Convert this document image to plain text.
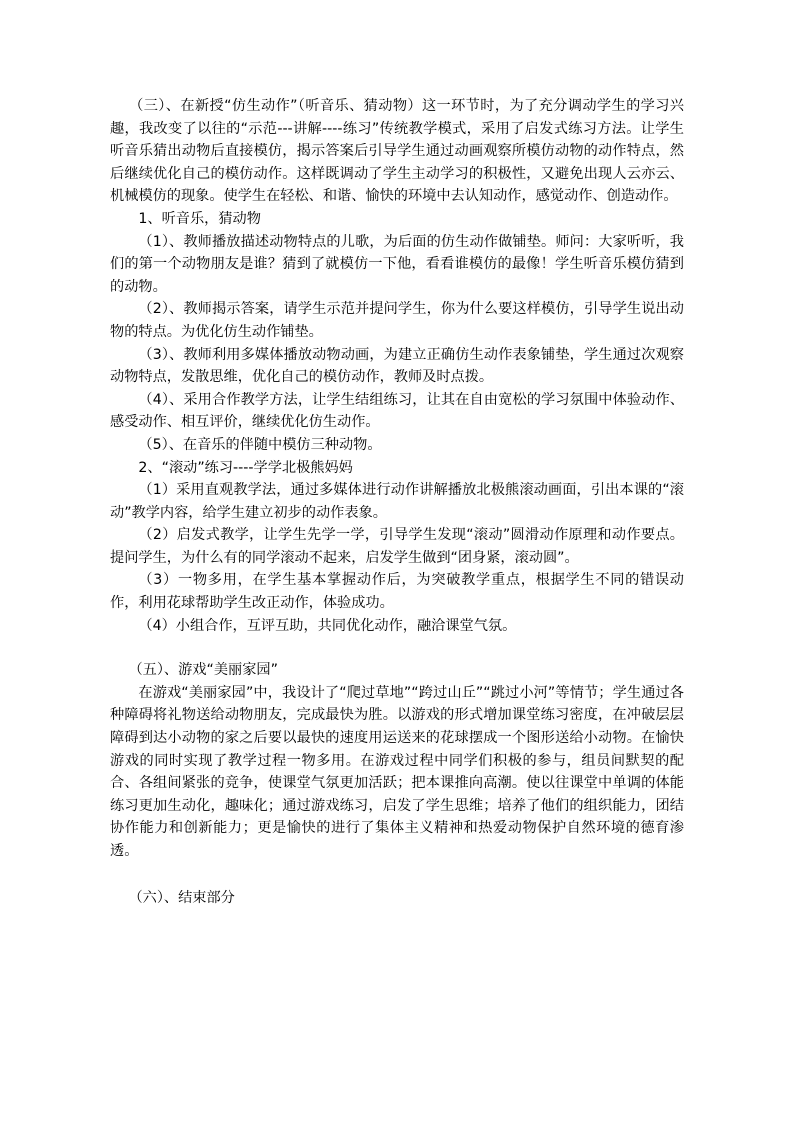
（三）、在新授“仿生动作”（听音乐、猜动物）这一环节时，为了充分调动学生的学习兴趣，我改变了以往的“示范---讲解----练习”传统教学模式，采用了启发式练习方法。让学生听音乐猜出动物后直接模仿，揭示答案后引导学生通过动画观察所模仿动物的动作特点，然后继续优化自己的模仿动作。这样既调动了学生主动学习的积极性，又避免出现人云亦云、机械模仿的现象。使学生在轻松、和谐、愉快的环境中去认知动作，感觉动作、创造动作。

1、听音乐，猜动物

（1）、教师播放描述动物特点的儿歌，为后面的仿生动作做铺垫。师问：大家听听，我们的第一个动物朋友是谁？猜到了就模仿一下他，看看谁模仿的最像！学生听音乐模仿猜到的动物。

（2）、教师揭示答案，请学生示范并提问学生，你为什么要这样模仿，引导学生说出动物的特点。为优化仿生动作铺垫。

（3）、教师利用多媒体播放动物动画，为建立正确仿生动作表象铺垫，学生通过次观察动物特点，发散思维，优化自己的模仿动作，教师及时点拨。

（4）、采用合作教学方法，让学生结组练习，让其在自由宽松的学习氛围中体验动作、感受动作、相互评价，继续优化仿生动作。

（5）、在音乐的伴随中模仿三种动物。

2、“滚动”练习----学学北极熊妈妈

（1）采用直观教学法，通过多媒体进行动作讲解播放北极熊滚动画面，引出本课的“滚动”教学内容，给学生建立初步的动作表象。

（2）启发式教学，让学生先学一学，引导学生发现“滚动”圆滑动作原理和动作要点。提问学生，为什么有的同学滚动不起来，启发学生做到“团身紧，滚动圆”。

（3）一物多用，在学生基本掌握动作后，为突破教学重点，根据学生不同的错误动作，利用花球帮助学生改正动作，体验成功。

（4）小组合作，互评互助，共同优化动作，融洽课堂气氛。

（五）、游戏“美丽家园”

在游戏“美丽家园”中，我设计了“爬过草地”“跨过山丘”“跳过小河”等情节；学生通过各种障碍将礼物送给动物朋友，完成最快为胜。以游戏的形式增加课堂练习密度，在冲破层层障碍到达小动物的家之后要以最快的速度用运送来的花球摆成一个图形送给小动物。在愉快游戏的同时实现了教学过程一物多用。在游戏过程中同学们积极的参与，组员间默契的配合、各组间紧张的竞争，使课堂气氛更加活跃；把本课推向高潮。使以往课堂中单调的体能练习更加生动化，趣味化；通过游戏练习，启发了学生思维；培养了他们的组织能力，团结协作能力和创新能力；更是愉快的进行了集体主义精神和热爱动物保护自然环境的德育渗透。

（六）、结束部分
